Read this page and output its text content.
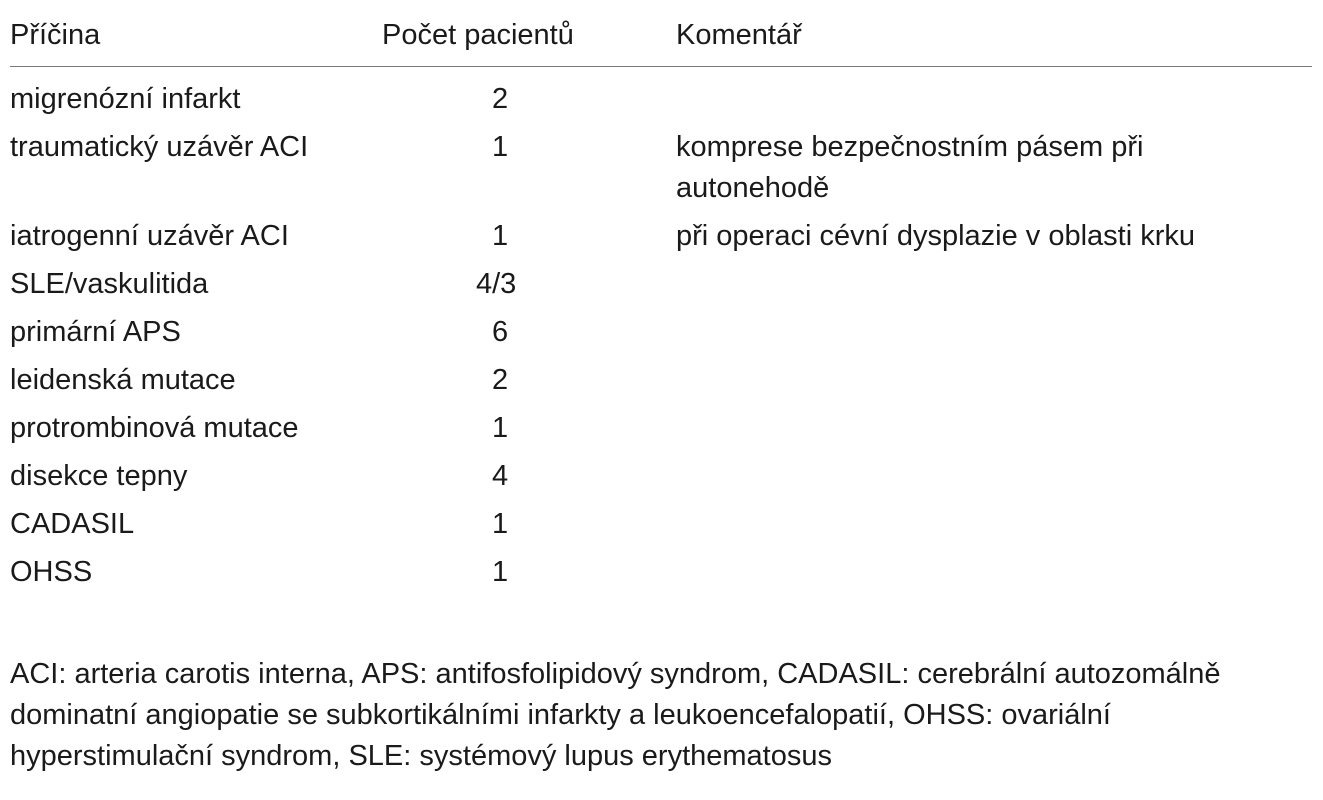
Příčina	Počet pacientů	Komentář
migrenózní infarkt	2	
traumatický uzávěr ACI	1	komprese bezpečnostním pásem při autonehodě
iatrogenní uzávěr ACI	1	při operaci cévní dysplazie v oblasti krku
SLE/vaskulitida	4/3	
primární APS	6	
leidenská mutace	2	
protrombinová mutace	1	
disekce tepny	4	
CADASIL	1	
OHSS	1	
ACI: arteria carotis interna, APS: antifosfolipidový syndrom, CADASIL: cerebrální autozomálně dominatní angiopatie se subkortikálními infarkty a leukoencefalopatií, OHSS: ovariální hyperstimulační syndrom, SLE: systémový lupus erythematosus
